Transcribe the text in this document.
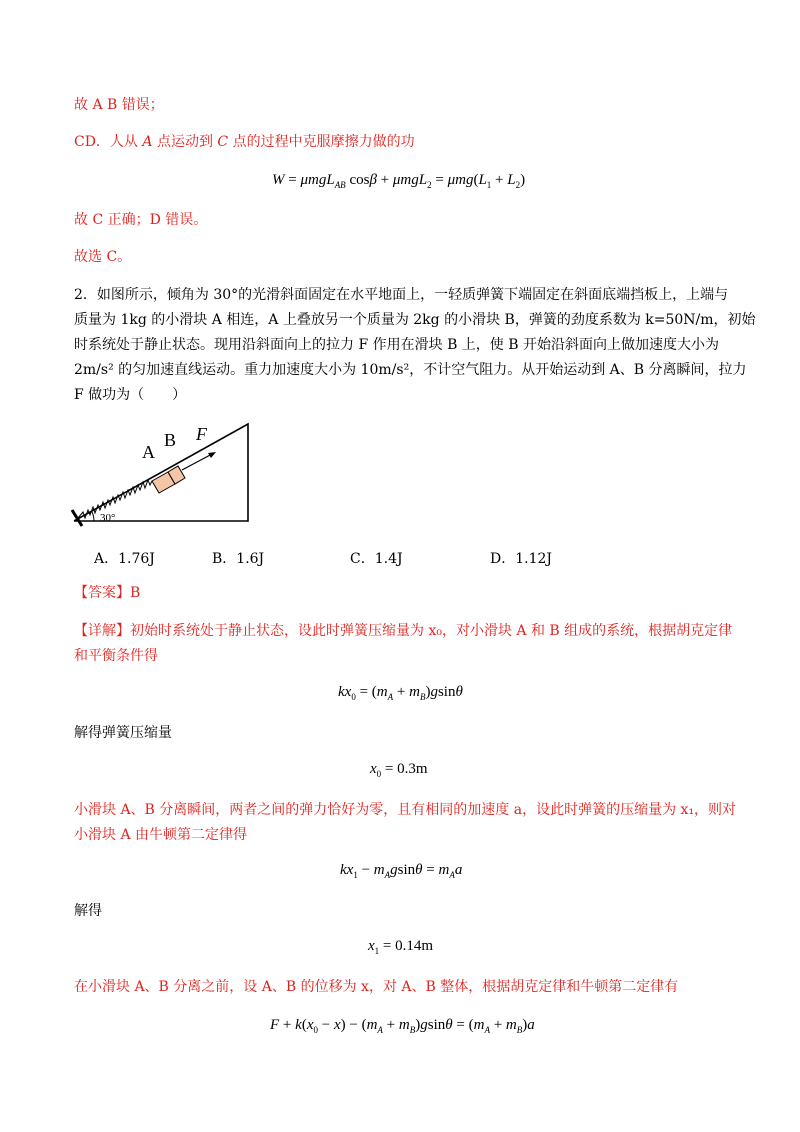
故 A B 错误；
CD．人从 A 点运动到 C 点的过程中克服摩擦力做的功
W = μmgL$_{AB}$ $\cos\beta + \mu mgL_2 = \mu mg(L_1 + L_2)$
故 C 正确；D 错误。
故选 C。
2．如图所示，倾角为 30°的光滑斜面固定在水平地面上，一轻质弹簧下端固定在斜面底端挡板上，上端与
质量为 1kg 的小滑块 A 相连，A 上叠放另一个质量为 2kg 的小滑块 B，弹簧的劲度系数为 k=50N/m，初始
时系统处于静止状态。现用沿斜面向上的拉力 F 作用在滑块 B 上，使 B 开始沿斜面向上做加速度大小为
2m/s² 的匀加速直线运动。重力加速度大小为 10m/s²，不计空气阻力。从开始运动到 A、B 分离瞬间，拉力
F 做功为（　　）
A
B F
30°
A．1.76J	B．1.6J	C．1.4J	D．1.12J
【答案】B
【详解】初始时系统处于静止状态，设此时弹簧压缩量为 x₀，对小滑块 A 和 B 组成的系统，根据胡克定律
和平衡条件得
$kx_0 = (m_A + m_B)gsin\theta$
解得弹簧压缩量
$x_0 = 0.3m$
小滑块 A、B 分离瞬间，两者之间的弹力恰好为零，且有相同的加速度 a，设此时弹簧的压缩量为 x₁，则对
小滑块 A 由牛顿第二定律得
$kx_1 - m_Agsin\theta = m_Aa$
解得
$x_1 = 0.14m$
在小滑块 A、B 分离之前，设 A、B 的位移为 x，对 A、B 整体，根据胡克定律和牛顿第二定律有
$F + k(x_0 - x) - (m_A + m_B)gsin\theta = (m_A + m_B)a$
